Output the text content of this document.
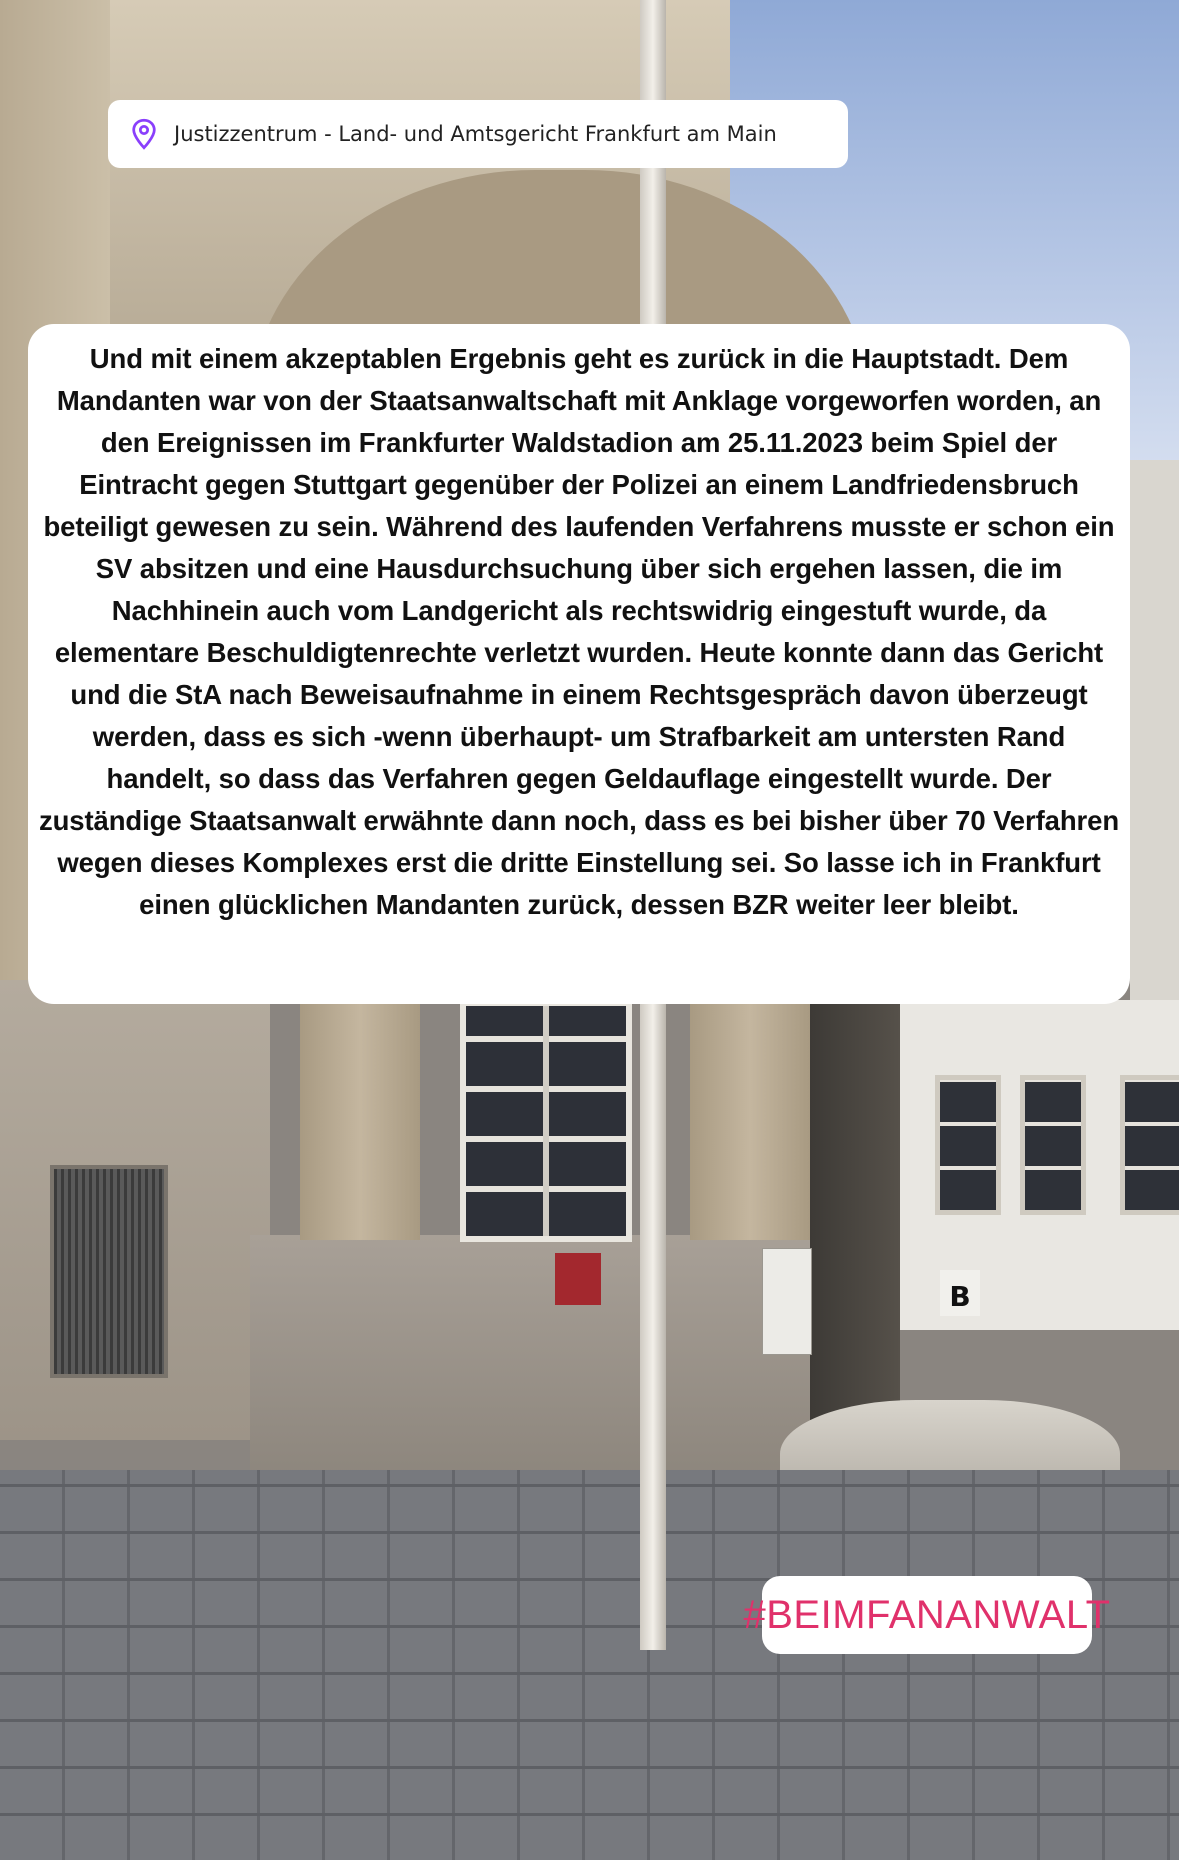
B
Justizzentrum - Land- und Amtsgericht Frankfurt am Main

Und mit einem akzeptablen Ergebnis geht es zurück in die Hauptstadt. Dem Mandanten war von der Staatsanwaltschaft mit Anklage vorgeworfen worden, an den Ereignissen im Frankfurter Waldstadion am 25.11.2023 beim Spiel der Eintracht gegen Stuttgart gegenüber der Polizei an einem Landfriedensbruch beteiligt gewesen zu sein. Während des laufenden Verfahrens musste er schon ein SV absitzen und eine Hausdurchsuchung über sich ergehen lassen, die im Nachhinein auch vom Landgericht als rechtswidrig eingestuft wurde, da elementare Beschuldigtenrechte verletzt wurden. Heute konnte dann das Gericht und die StA nach Beweisaufnahme in einem Rechtsgespräch davon überzeugt werden, dass es sich -wenn überhaupt- um Strafbarkeit am untersten Rand handelt, so dass das Verfahren gegen Geldauflage eingestellt wurde. Der zuständige Staatsanwalt erwähnte dann noch, dass es bei bisher über 70 Verfahren wegen dieses Komplexes erst die dritte Einstellung sei. So lasse ich in Frankfurt einen glücklichen Mandanten zurück, dessen BZR weiter leer bleibt.

#BEIMFANANWALT
